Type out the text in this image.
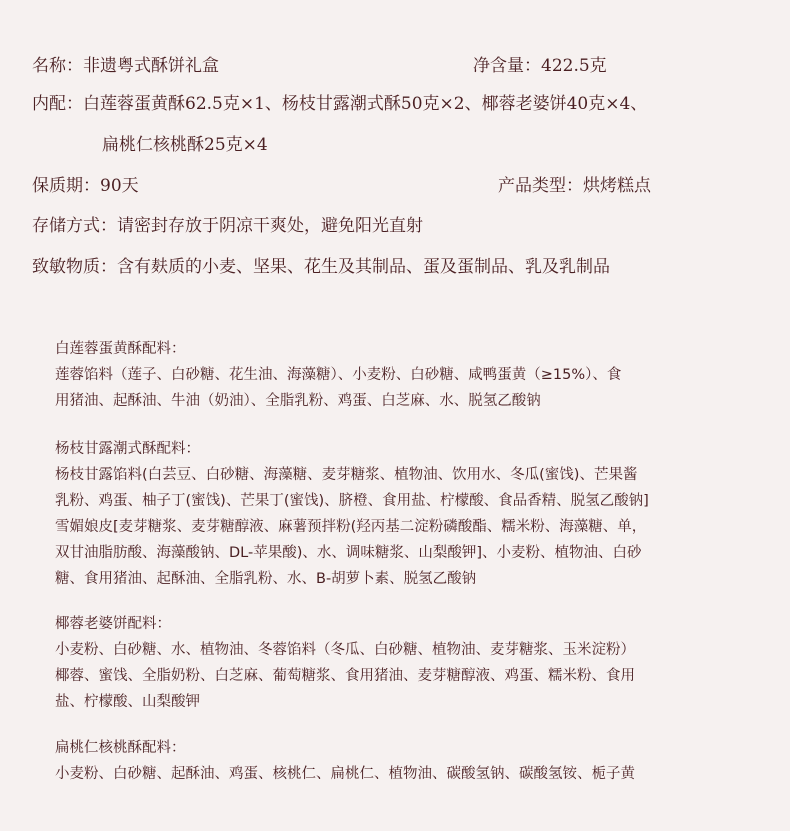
名称：非遗粤式酥饼礼盒	净含量：422.5克
内配：白莲蓉蛋黄酥62.5克×1、杨枝甘露潮式酥50克×2、椰蓉老婆饼40克×4、
扁桃仁核桃酥25克×4
保质期：90天	产品类型：烘烤糕点
存储方式：请密封存放于阴凉干爽处，避免阳光直射
致敏物质：含有麸质的小麦、坚果、花生及其制品、蛋及蛋制品、乳及乳制品
白莲蓉蛋黄酥配料：
莲蓉馅料（莲子、白砂糖、花生油、海藻糖）、小麦粉、白砂糖、咸鸭蛋黄（≥15%）、食
用猪油、起酥油、牛油（奶油）、全脂乳粉、鸡蛋、白芝麻、水、脱氢乙酸钠
杨枝甘露潮式酥配料：
杨枝甘露馅料(白芸豆、白砂糖、海藻糖、麦芽糖浆、植物油、饮用水、冬瓜(蜜饯)、芒果酱
乳粉、鸡蛋、柚子丁(蜜饯)、芒果丁(蜜饯)、脐橙、食用盐、柠檬酸、食品香精、脱氢乙酸钠]
雪媚娘皮[麦芽糖浆、麦芽糖醇液、麻薯预拌粉(羟丙基二淀粉磷酸酯、糯米粉、海藻糖、单，
双甘油脂肪酸、海藻酸钠、DL-苹果酸)、水、调味糖浆、山梨酸钾]、小麦粉、植物油、白砂
糖、食用猪油、起酥油、全脂乳粉、水、B-胡萝卜素、脱氢乙酸钠
椰蓉老婆饼配料：
小麦粉、白砂糖、水、植物油、冬蓉馅料（冬瓜、白砂糖、植物油、麦芽糖浆、玉米淀粉）
椰蓉、蜜饯、全脂奶粉、白芝麻、葡萄糖浆、食用猪油、麦芽糖醇液、鸡蛋、糯米粉、食用
盐、柠檬酸、山梨酸钾
扁桃仁核桃酥配料：
小麦粉、白砂糖、起酥油、鸡蛋、核桃仁、扁桃仁、植物油、碳酸氢钠、碳酸氢铵、栀子黄
